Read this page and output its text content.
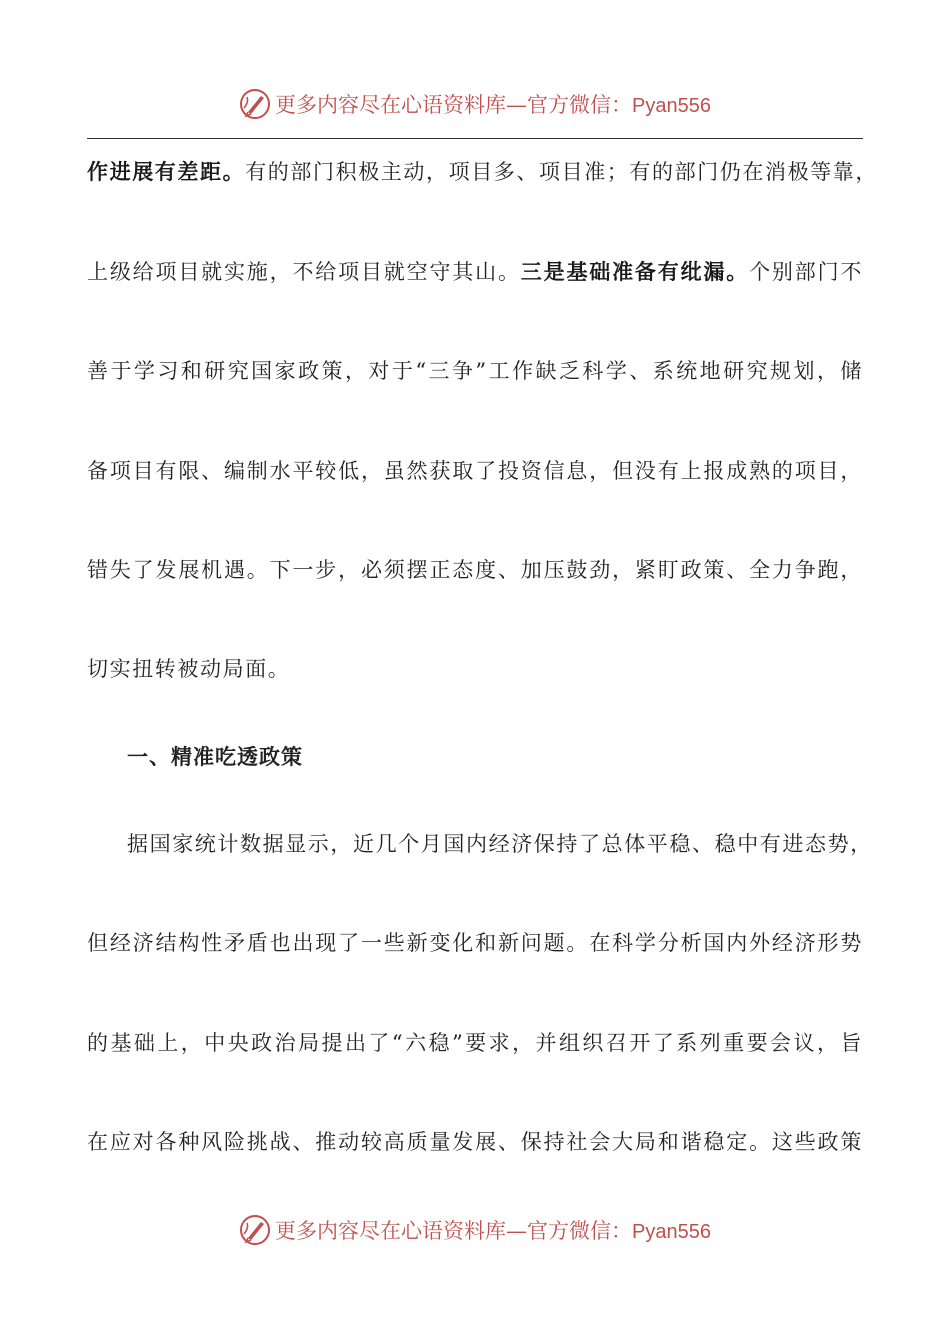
更多内容尽在心语资料库—官方微信：Pyan556
作进展有差距。有的部门积极主动，项目多、项目准；有的部门仍在消极等靠，
上级给项目就实施，不给项目就空守其山。三是基础准备有纰漏。个别部门不
善于学习和研究国家政策，对于“三争”工作缺乏科学、系统地研究规划，储
备项目有限、编制水平较低，虽然获取了投资信息，但没有上报成熟的项目，
错失了发展机遇。下一步，必须摆正态度、加压鼓劲，紧盯政策、全力争跑，
切实扭转被动局面。
一、精准吃透政策
据国家统计数据显示，近几个月国内经济保持了总体平稳、稳中有进态势，
但经济结构性矛盾也出现了一些新变化和新问题。在科学分析国内外经济形势
的基础上，中央政治局提出了“六稳”要求，并组织召开了系列重要会议，旨
在应对各种风险挑战、推动较高质量发展、保持社会大局和谐稳定。这些政策
更多内容尽在心语资料库—官方微信：Pyan556
